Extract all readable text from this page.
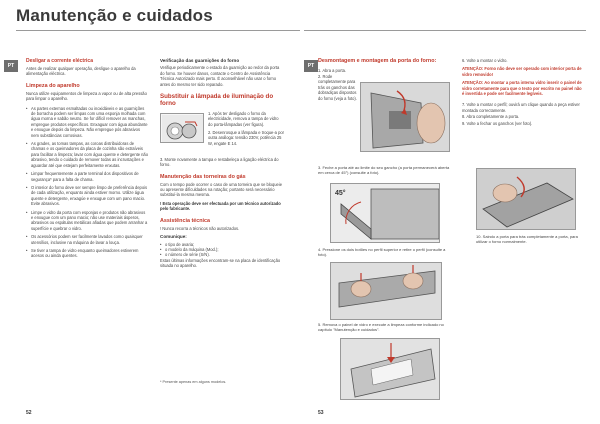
Manutenção e cuidados
PT	PT
Desligar a corrente eléctrica

Antes de realizar qualquer operação, desligue o aparelho da alimentação eléctrica.

Limpeza do aparelho

Nunca utilize equipamentos de limpeza a vapor ou de alta pressão para limpar o aparelho.

• As partes externas esmaltadas ou inoxidáveis e as guarnições de borracha podem ser limpas com uma esponja molhada com água morna e sabão neutro. Se for difícil remover as manchas, empregue produtos específicos. Enxaguar com água abundante e enxugue depois da limpeza. Não empregue pós abrasivos nem substâncias corrosivas.
• As grades, as tomas tampas, as coroas distribuidoras de chamas e os queimadores da placa de cozinha são extraíveis para facilitar a limpeza; lavar com água quente e detergente não abrasivo, tendo o cuidado de remover todas as incrustações e aguardar até que estejam perfeitamente enxutas.
• Limpar frequentemente a parte terminal dos dispositivos de segurança* para a falta de chama.
• O interior do forno deve ser sempre limpo de preferência depois de cada utilização, enquanto ainda estiver morno. Utilize água quente e detergente, enxagúe e enxugue com um pano macio. Evite abrasivos.
• Limpe o vidro da porta com esponjas e produtos não abrasivos e enxugue com um pano macio; não use materiais ásperos, abrasivos ou espátulas metálicas afiadas que podem arranhar a superfície e quebrar o vidro.
• Os acessórios podem ser facilmente lavados como quaisquer utensílios, inclusive na máquina de lavar a louça.
• Se tiver a tampa de vidro enquanto queimadores estiverem acesos ou ainda quentes.
Verificação das guarnições do forno

Verifique periodicamente o estado da guarnição ao redor da porta do forno. Se houver danos, contacte o Centro de Assistência Técnica Autorizado mais perto. É aconselhável não usar o forno antes do mesmo ter sido reparado.

Substituir a lâmpada de iluminação do forno

1. Após ter desligado o forno da electricidade, remova a tampa de vidro do porta-lâmpadas (ver figura).

2. Desenrosque a lâmpada e troque-a por outra análoga: tensão 230V, potência 25 W, engate E 14.

3. Monte novamente a tampa e restabeleça a ligação eléctrica do forno.

Manutenção das torneiras do gás

Com o tempo pode ocorrer o caso de uma torneira que se bloqueie ou apresente dificuldades na rotação; portanto será necessário substituí-la mesma mesma.

! Esta operação deve ser efectuada por um técnico autorizado pelo fabricante.

Assistência técnica

! Nunca recorra a técnicos não autorizados.

Comunique:
• o tipo de avaria;
• o modelo da máquina (Mod.);
• o número de série (S/N).

Estas últimas informações encontram-se na placa de identificação situada no aparelho.

* Presente apenas em alguns modelos.
Desmontagem e montagem da porta do forno:

1. Abra a porta.

2. Rode completamente para trás os ganchos das dobradiças dispostos do forno (veja a foto).

3. Feche a porta até ao limite do seu gancho (a porta permanecerá aberta em cerca de 45°) (consulte a foto).
45°
4. Pressione os dois botões no perfil superior e retire o perfil (consulte a foto).
5. Remova o painel de vidro e execute a limpeza conforme indicado no capítulo "Manutenção e cuidados".

6. Volte a montar o vidro.

ATENÇÃO: Forno não deve ser operado com interior porta de vidro removido!

ATENÇÃO: Ao montar a porta interna vidro inserir o painel de vidro corretamente para que o texto por escrito no painel não é invertida e pode ser facilmente legíveis.

7. Volte a montar o perfil; ouvirá um clique quando a peça estiver montada correctamente.

8. Abra completamente a porta.

9. Volte a fechar os ganchos (ver foto).

10. Saindo a porta para trás completamente a porta, para utilizar o forno normalmente.
52	53
